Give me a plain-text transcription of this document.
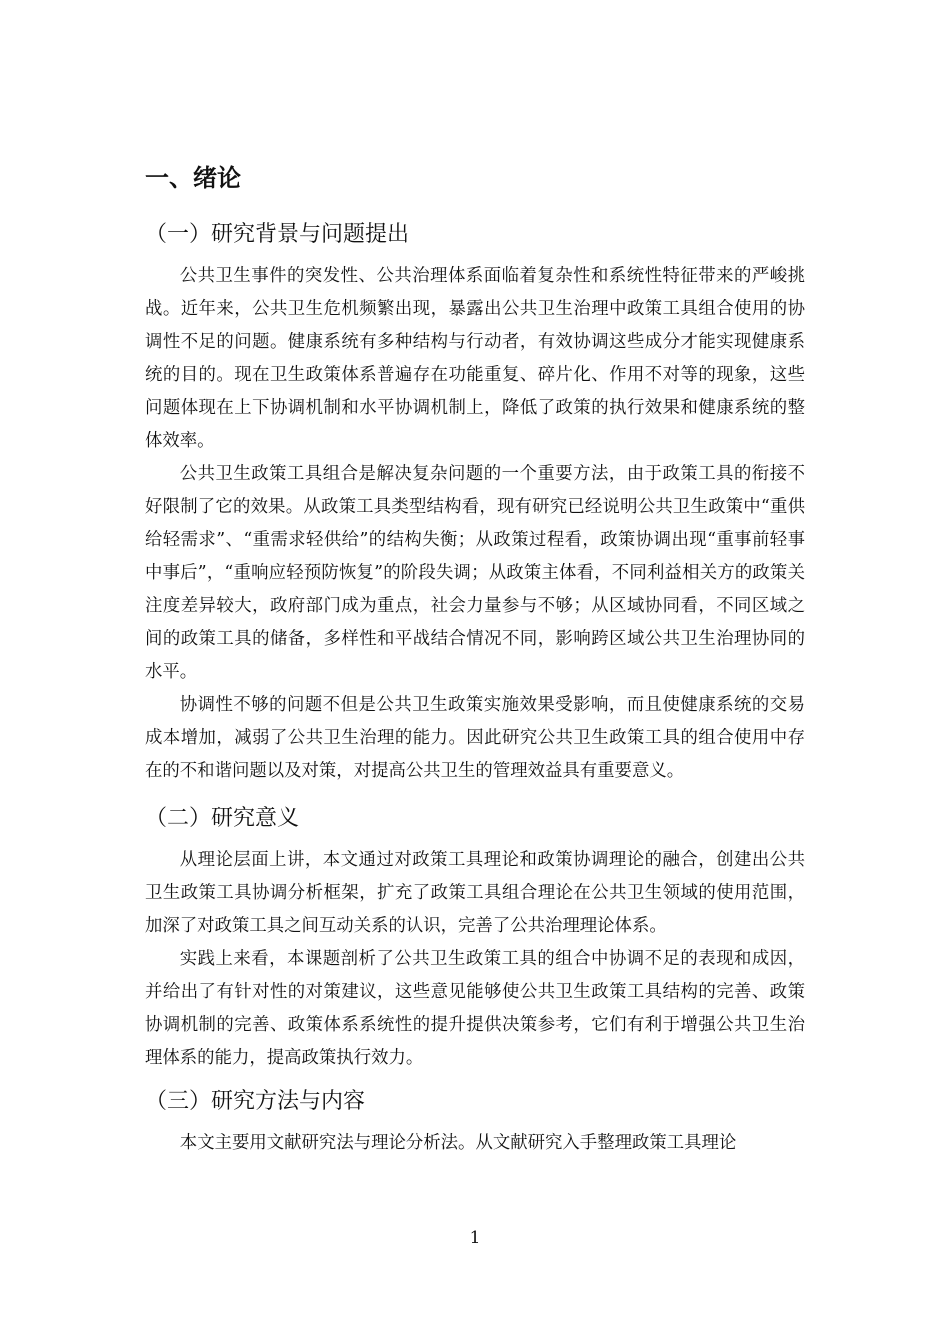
一、绪论
（一）研究背景与问题提出

公共卫生事件的突发性、公共治理体系面临着复杂性和系统性特征带来的严峻挑战。近年来，公共卫生危机频繁出现，暴露出公共卫生治理中政策工具组合使用的协调性不足的问题。健康系统有多种结构与行动者，有效协调这些成分才能实现健康系统的目的。现在卫生政策体系普遍存在功能重复、碎片化、作用不对等的现象，这些问题体现在上下协调机制和水平协调机制上，降低了政策的执行效果和健康系统的整体效率。

公共卫生政策工具组合是解决复杂问题的一个重要方法，由于政策工具的衔接不好限制了它的效果。从政策工具类型结构看，现有研究已经说明公共卫生政策中“重供给轻需求”、“重需求轻供给”的结构失衡；从政策过程看，政策协调出现“重事前轻事中事后”，“重响应轻预防恢复”的阶段失调；从政策主体看，不同利益相关方的政策关注度差异较大，政府部门成为重点，社会力量参与不够；从区域协同看，不同区域之间的政策工具的储备，多样性和平战结合情况不同，影响跨区域公共卫生治理协同的水平。

协调性不够的问题不但是公共卫生政策实施效果受影响，而且使健康系统的交易成本增加，减弱了公共卫生治理的能力。因此研究公共卫生政策工具的组合使用中存在的不和谐问题以及对策，对提高公共卫生的管理效益具有重要意义。

（二）研究意义

从理论层面上讲，本文通过对政策工具理论和政策协调理论的融合，创建出公共卫生政策工具协调分析框架，扩充了政策工具组合理论在公共卫生领域的使用范围，加深了对政策工具之间互动关系的认识，完善了公共治理理论体系。

实践上来看，本课题剖析了公共卫生政策工具的组合中协调不足的表现和成因，并给出了有针对性的对策建议，这些意见能够使公共卫生政策工具结构的完善、政策协调机制的完善、政策体系系统性的提升提供决策参考，它们有利于增强公共卫生治理体系的能力，提高政策执行效力。

（三）研究方法与内容

本文主要用文献研究法与理论分析法。从文献研究入手整理政策工具理论

1
